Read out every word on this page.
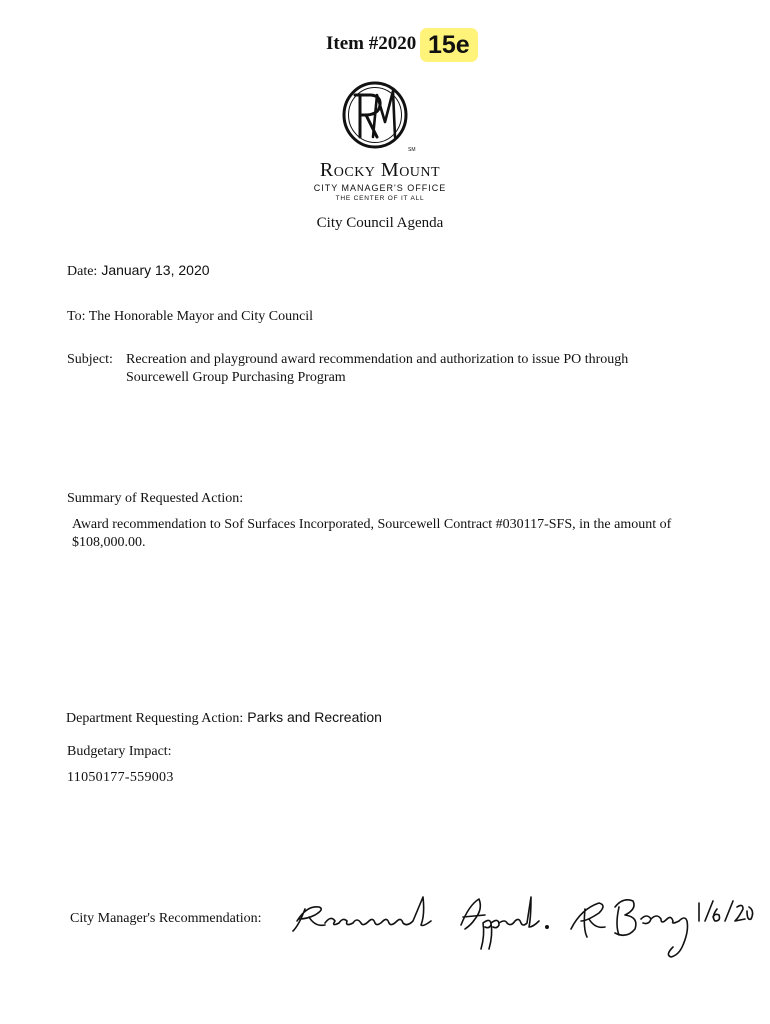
Item #2020 15e
SM
Rocky Mount
CITY MANAGER'S OFFICE
THE CENTER OF IT ALL
City Council Agenda
Date: January 13, 2020
To: The Honorable Mayor and City Council
Subject: Recreation and playground award recommendation and authorization to issue PO through
Sourcewell Group Purchasing Program
Summary of Requested Action:
Award recommendation to Sof Surfaces Incorporated, Sourcewell Contract #030117-SFS, in the amount of
$108,000.00.
Department Requesting Action: Parks and Recreation
Budgetary Impact:
11050177-559003
City Manager's Recommendation:
